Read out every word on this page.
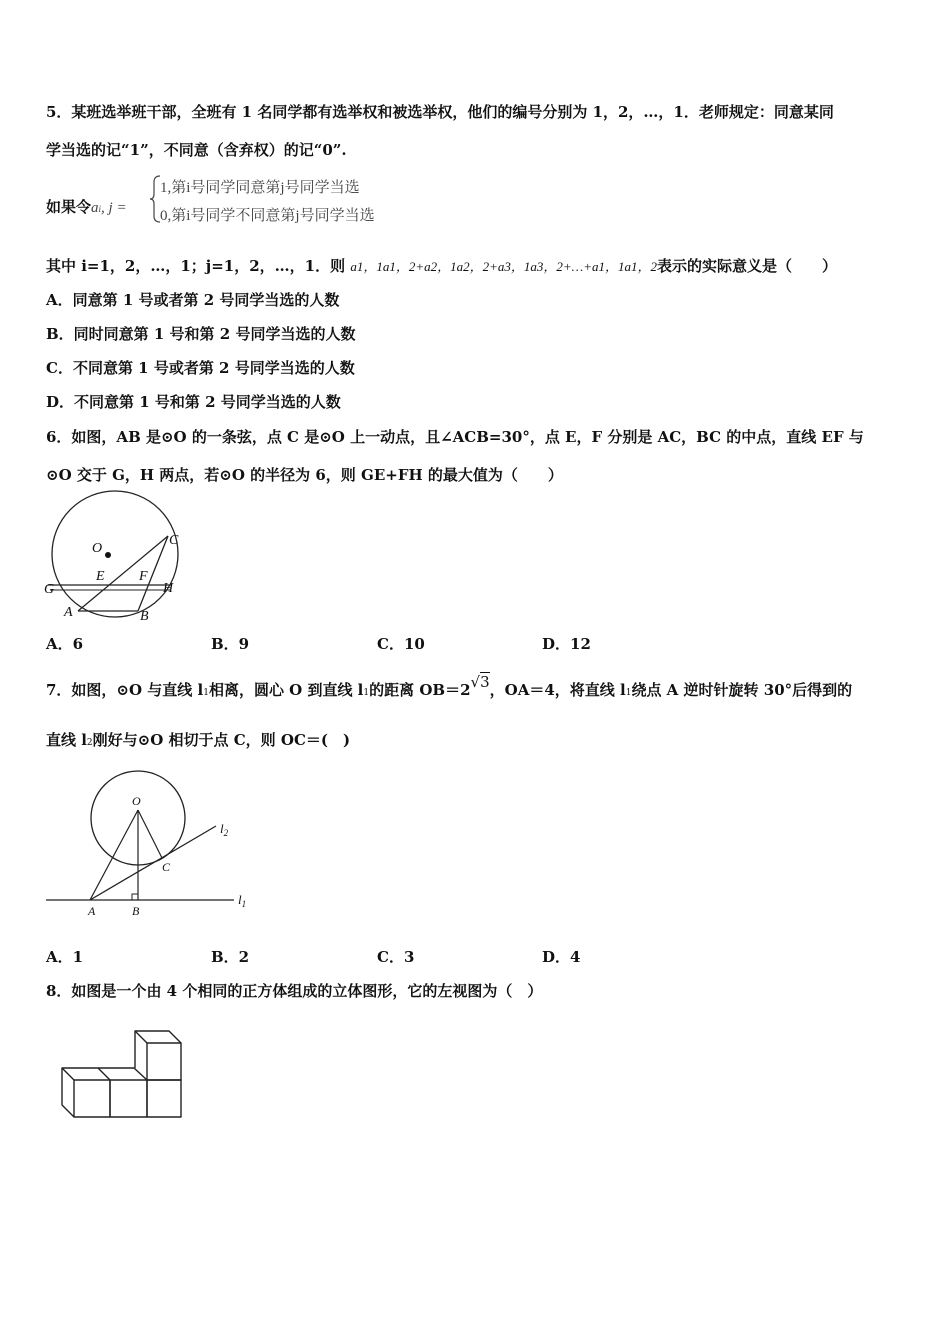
5．某班选举班干部，全班有 1 名同学都有选举权和被选举权，他们的编号分别为 1，2，…，1．老师规定：同意某同
学当选的记“1”，不同意（含弃权）的记“0”.
如果令ai, j =
1,第i号同学同意第j号同学当选
0,第i号同学不同意第j号同学当选
其中 i=1，2，…，1；j=1，2，…，1．则 a1，1a1，2+a2，1a2，2+a3，1a3，2+…+a1，1a1，2表示的实际意义是（　　）
A．同意第 1 号或者第 2 号同学当选的人数
B．同时同意第 1 号和第 2 号同学当选的人数
C．不同意第 1 号或者第 2 号同学当选的人数
D．不同意第 1 号和第 2 号同学当选的人数
6．如图，AB 是⊙O 的一条弦，点 C 是⊙O 上一动点，且∠ACB=30°，点 E，F 分别是 AC，BC 的中点，直线 EF 与
⊙O 交于 G，H 两点，若⊙O 的半径为 6，则 GE+FH 的最大值为（　　）
O
C
E F
G	H
A	B
A．6	B．9	C．10	D．12
7．如图，⊙O 与直线 l1相离，圆心 O 到直线 l1的距离 OB＝2√3，OA＝4，将直线 l1绕点 A 逆时针旋转 30°后得到的
直线 l2刚好与⊙O 相切于点 C，则 OC＝(　)
O
C
A	B
$l_2$
$l_1$
A．1	B．2	C．3	D．4
8．如图是一个由 4 个相同的正方体组成的立体图形，它的左视图为（　）
